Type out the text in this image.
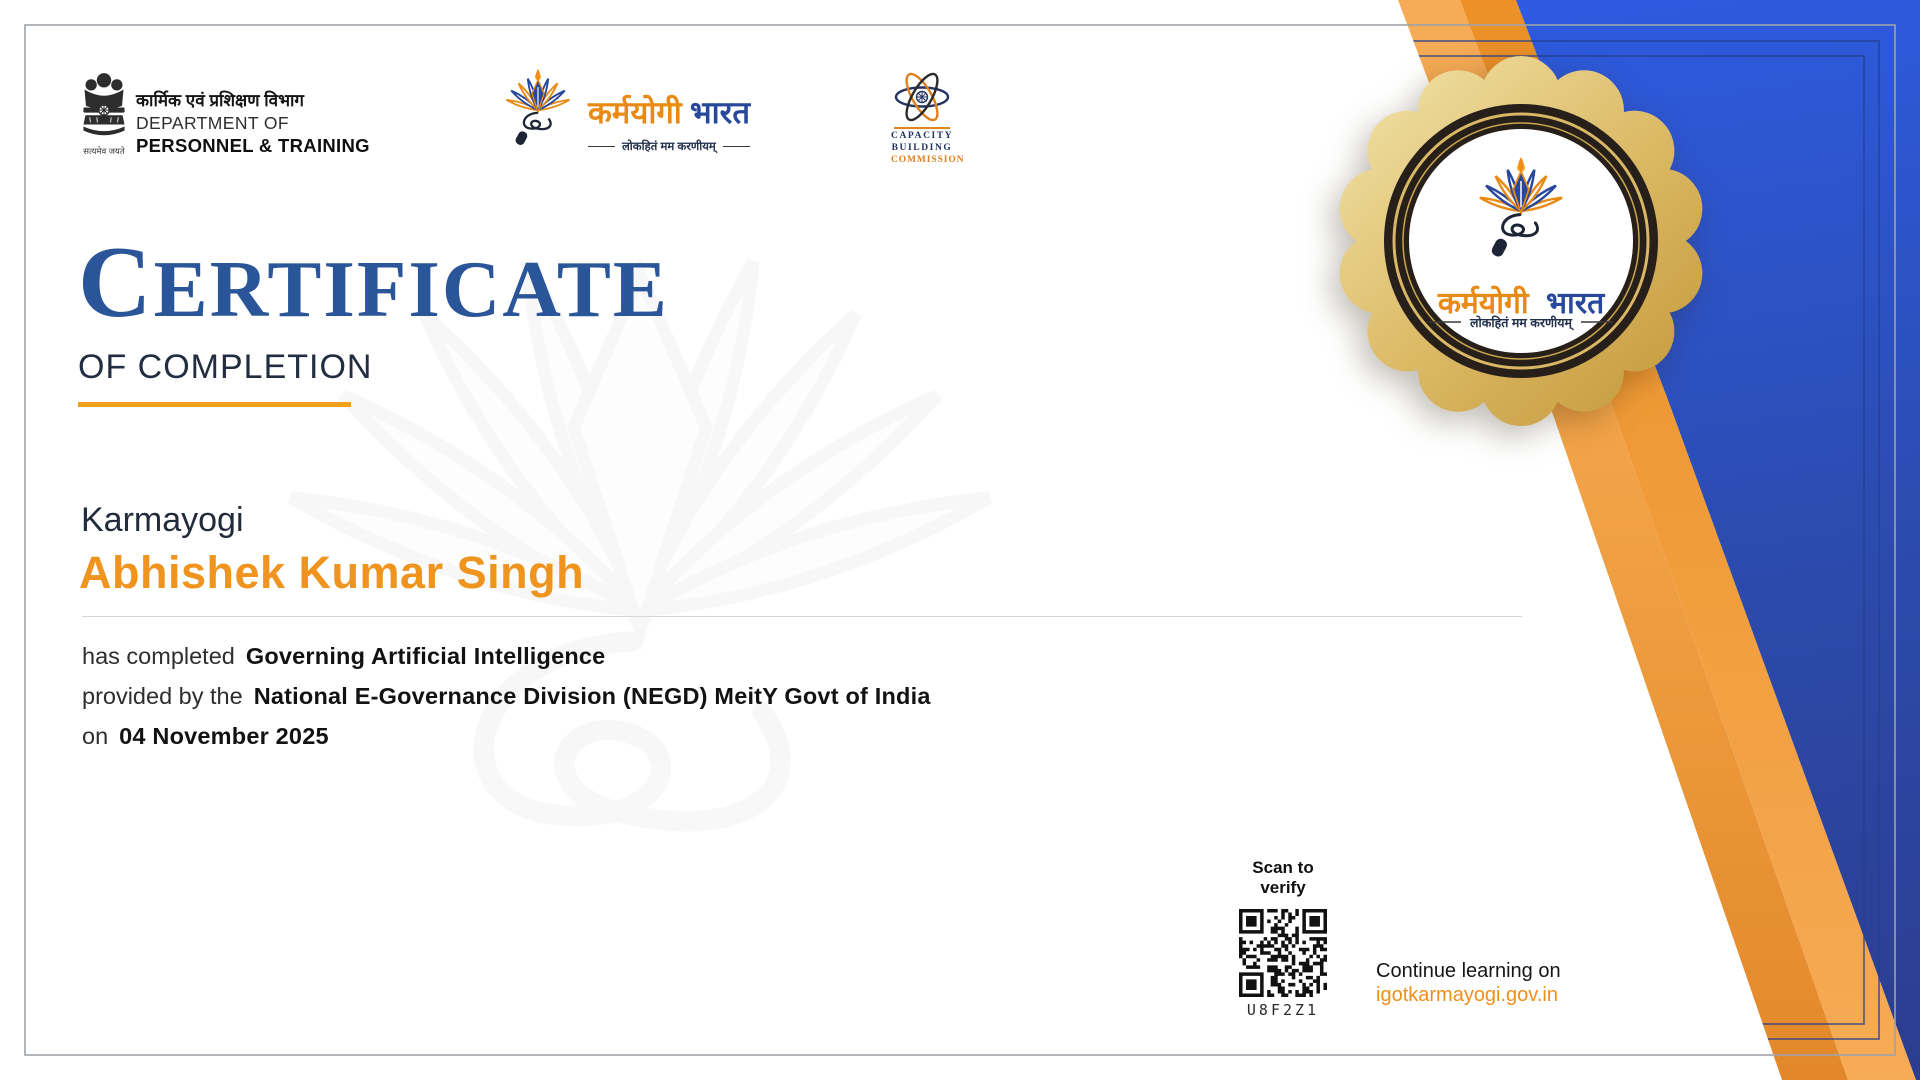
सत्यमेव जयते
कार्मिक एवं प्रशिक्षण विभाग
DEPARTMENT OF
PERSONNEL & TRAINING
कर्मयोगी भारत
लोकहितं मम करणीयम्
CAPACITY
BUILDING
COMMISSION
CERTIFICATE
OF COMPLETION
Karmayogi
Abhishek Kumar Singh
has completed Governing Artificial Intelligence
provided by the National E-Governance Division (NEGD) MeitY Govt of India
on 04 November 2025
Scan to verify
U8F2Z1
Continue learning on
igotkarmayogi.gov.in
कर्मयोगी भारत
लोकहितं मम करणीयम्
